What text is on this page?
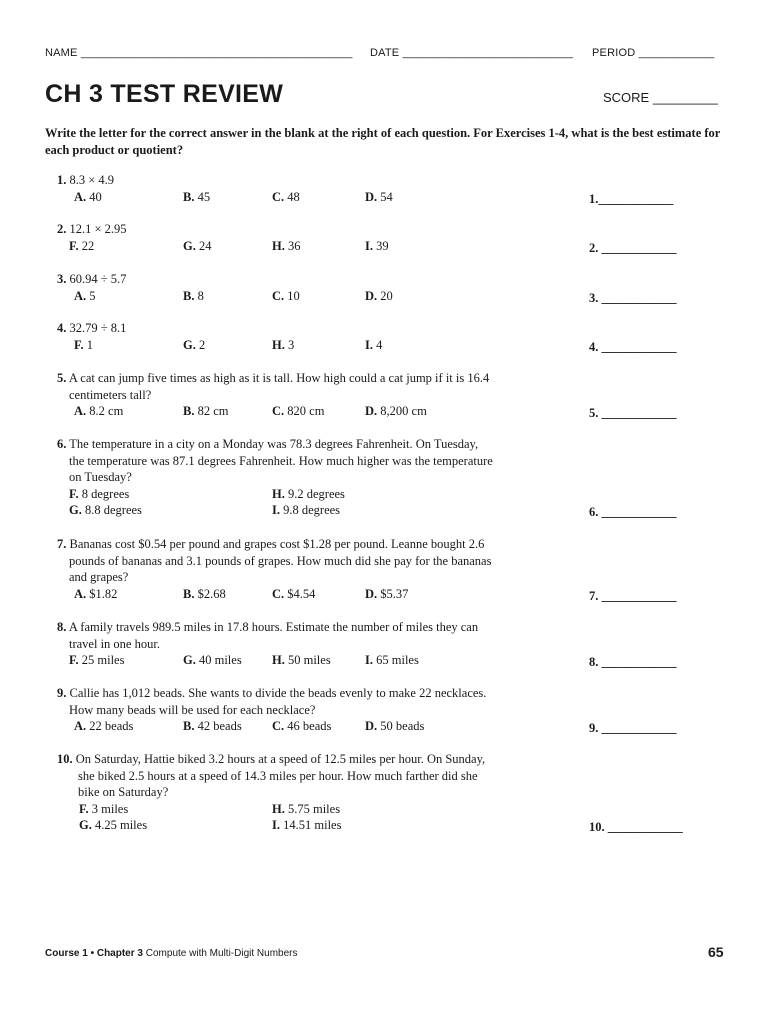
NAME ___________________________________________ DATE ___________________________ PERIOD ____________
CH 3 TEST REVIEW	SCORE _________
Write the letter for the correct answer in the blank at the right of each question. For Exercises 1-4, what is the best estimate for each product or quotient?
1. 8.3 × 4.9
A. 40	B. 45	C. 48	D. 54	1.____________
2. 12.1 × 2.95
F. 22	G. 24	H. 36	I. 39	2. ____________
3. 60.94 ÷ 5.7
A. 5	B. 8	C. 10	D. 20	3. ____________
4. 32.79 ÷ 8.1
F. 1	G. 2	H. 3	I. 4	4. ____________
5. A cat can jump five times as high as it is tall. How high could a cat jump if it is 16.4
centimeters tall?
A. 8.2 cm	B. 82 cm	C. 820 cm	D. 8,200 cm	5. ____________
6. The temperature in a city on a Monday was 78.3 degrees Fahrenheit. On Tuesday,
the temperature was 87.1 degrees Fahrenheit. How much higher was the temperature
on Tuesday?
F. 8 degrees	H. 9.2 degrees
G. 8.8 degrees	I. 9.8 degrees	6. ____________
7. Bananas cost $0.54 per pound and grapes cost $1.28 per pound. Leanne bought 2.6
pounds of bananas and 3.1 pounds of grapes. How much did she pay for the bananas
and grapes?
A. $1.82	B. $2.68	C. $4.54	D. $5.37	7. ____________
8. A family travels 989.5 miles in 17.8 hours. Estimate the number of miles they can
travel in one hour.
F. 25 miles	G. 40 miles H. 50 miles	I. 65 miles	8. ____________
9. Callie has 1,012 beads. She wants to divide the beads evenly to make 22 necklaces.
How many beads will be used for each necklace?
A. 22 beads	B. 42 beads C. 46 beads	D. 50 beads	9. ____________
10. On Saturday, Hattie biked 3.2 hours at a speed of 12.5 miles per hour. On Sunday,
she biked 2.5 hours at a speed of 14.3 miles per hour. How much farther did she
bike on Saturday?
F. 3 miles	H. 5.75 miles
G. 4.25 miles	I. 14.51 miles	10. ____________
Course 1 • Chapter 3 Compute with Multi-Digit Numbers	65
